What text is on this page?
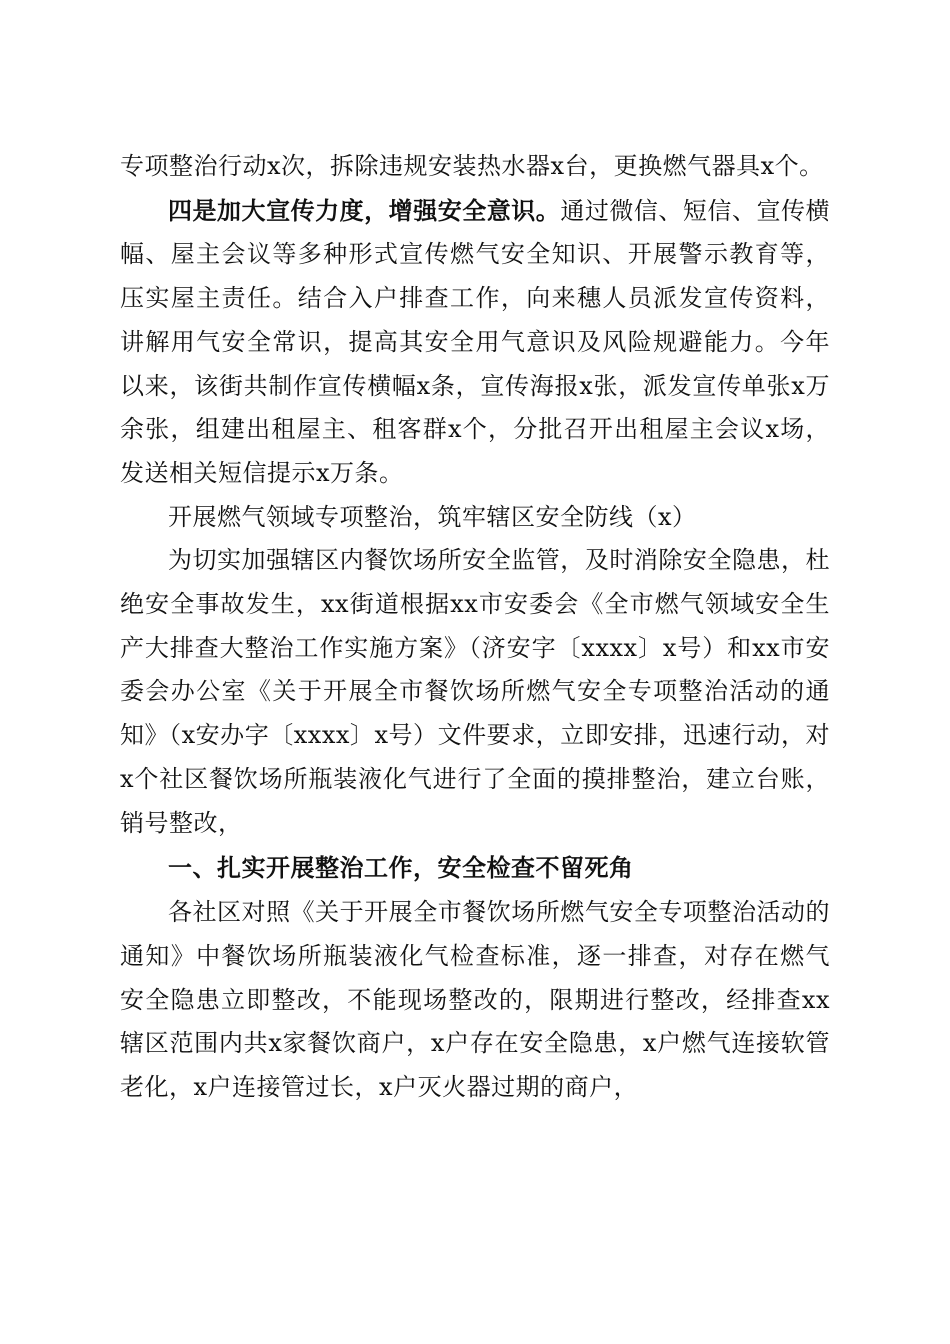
专项整治行动x次，拆除违规安装热水器x台，更换燃气器具x个。

四是加大宣传力度，增强安全意识。通过微信、短信、宣传横幅、屋主会议等多种形式宣传燃气安全知识、开展警示教育等，压实屋主责任。结合入户排查工作，向来穗人员派发宣传资料，讲解用气安全常识，提高其安全用气意识及风险规避能力。今年以来，该街共制作宣传横幅x条，宣传海报x张，派发宣传单张x万余张，组建出租屋主、租客群x个，分批召开出租屋主会议x场，发送相关短信提示x万条。

开展燃气领域专项整治，筑牢辖区安全防线（x）

为切实加强辖区内餐饮场所安全监管，及时消除安全隐患，杜绝安全事故发生，xx街道根据xx市安委会《全市燃气领域安全生产大排查大整治工作实施方案》（济安字〔xxxx〕x号）和xx市安委会办公室《关于开展全市餐饮场所燃气安全专项整治活动的通知》（x安办字〔xxxx〕x号）文件要求，立即安排，迅速行动，对x个社区餐饮场所瓶装液化气进行了全面的摸排整治，建立台账，销号整改，

一、扎实开展整治工作，安全检查不留死角

各社区对照《关于开展全市餐饮场所燃气安全专项整治活动的通知》中餐饮场所瓶装液化气检查标准，逐一排查，对存在燃气安全隐患立即整改，不能现场整改的，限期进行整改，经排查xx辖区范围内共x家餐饮商户，x户存在安全隐患，x户燃气连接软管老化，x户连接管过长，x户灭火器过期的商户，
